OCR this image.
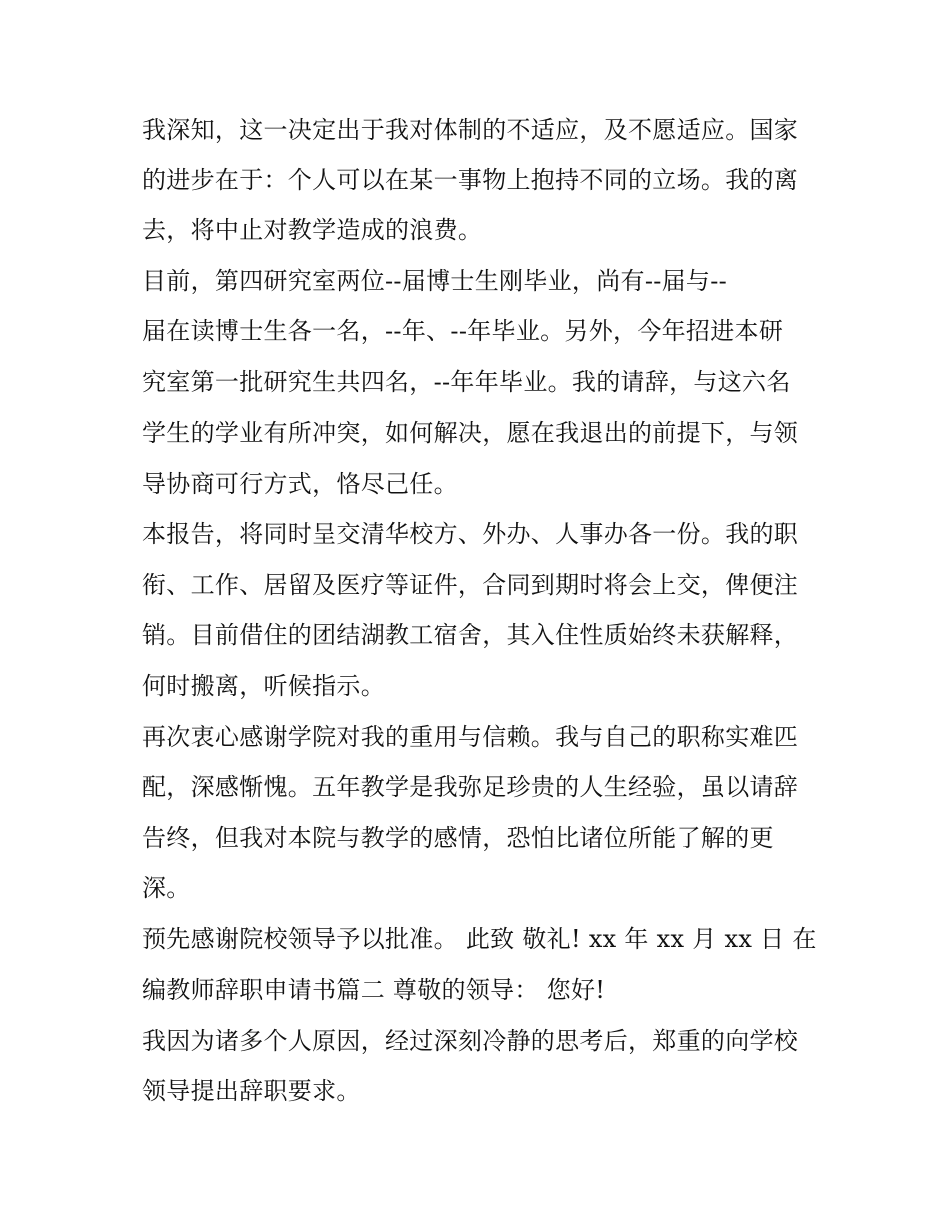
我深知，这一决定出于我对体制的不适应，及不愿适应。国家
的进步在于：个人可以在某一事物上抱持不同的立场。我的离
去，将中止对教学造成的浪费。
目前，第四研究室两位--届博士生刚毕业，尚有--届与--
届在读博士生各一名，--年、--年毕业。另外，今年招进本研
究室第一批研究生共四名，--年年毕业。我的请辞，与这六名
学生的学业有所冲突，如何解决，愿在我退出的前提下，与领
导协商可行方式，恪尽己任。
本报告，将同时呈交清华校方、外办、人事办各一份。我的职
衔、工作、居留及医疗等证件，合同到期时将会上交，俾便注
销。目前借住的团结湖教工宿舍，其入住性质始终未获解释，
何时搬离，听候指示。
再次衷心感谢学院对我的重用与信赖。我与自己的职称实难匹
配，深感惭愧。五年教学是我弥足珍贵的人生经验，虽以请辞
告终，但我对本院与教学的感情，恐怕比诸位所能了解的更
深。
预先感谢院校领导予以批准。 此致 敬礼! xx 年 xx 月 xx 日 在
编教师辞职申请书篇二 尊敬的领导： 您好!
我因为诸多个人原因，经过深刻冷静的思考后，郑重的向学校
领导提出辞职要求。
